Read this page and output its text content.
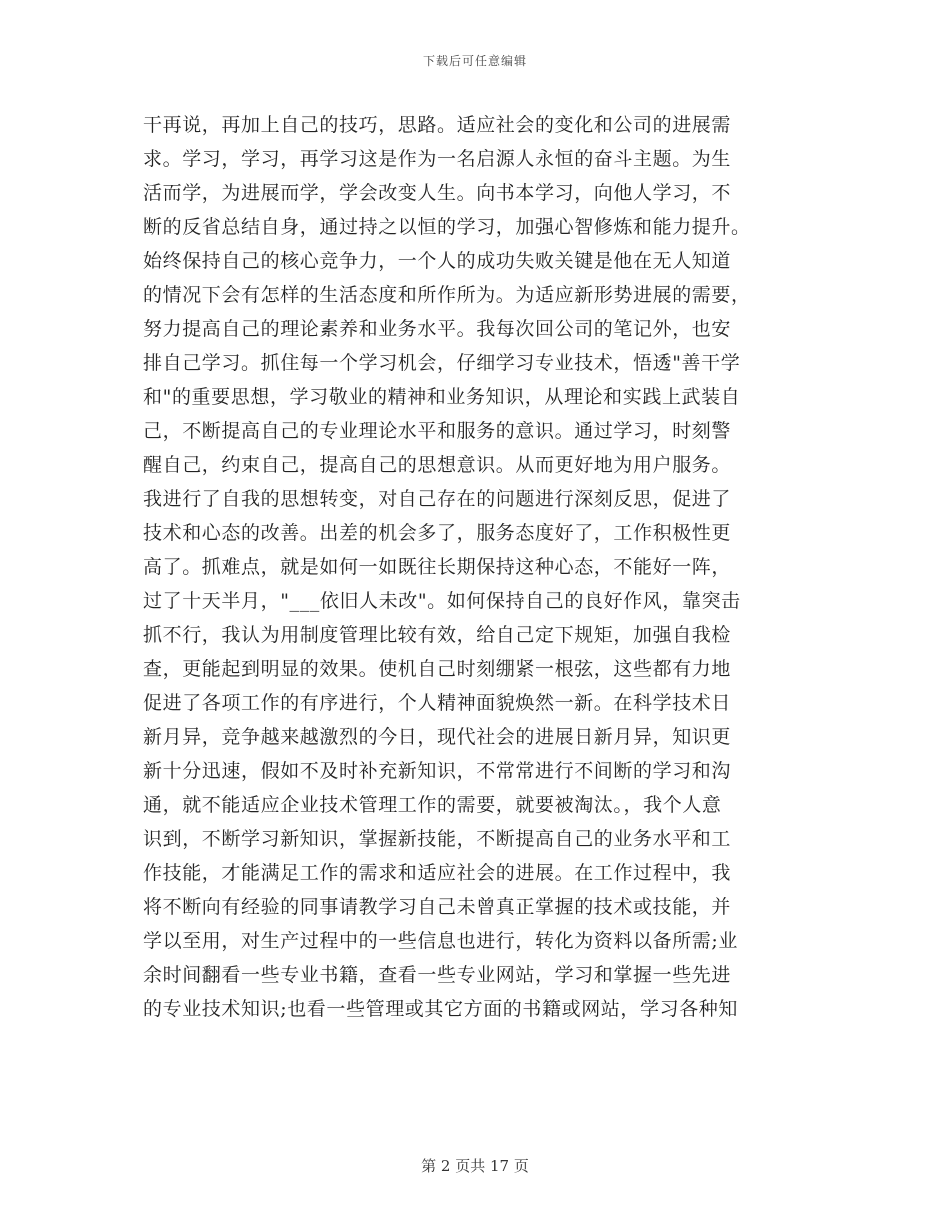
下载后可任意编辑
干再说，再加上自己的技巧，思路。适应社会的变化和公司的进展需
求。学习，学习，再学习这是作为一名启源人永恒的奋斗主题。为生
活而学，为进展而学，学会改变人生。向书本学习，向他人学习，不
断的反省总结自身，通过持之以恒的学习，加强心智修炼和能力提升。
始终保持自己的核心竞争力，一个人的成功失败关键是他在无人知道
的情况下会有怎样的生活态度和所作所为。为适应新形势进展的需要，
努力提高自己的理论素养和业务水平。我每次回公司的笔记外，也安
排自己学习。抓住每一个学习机会，仔细学习专业技术，悟透"善干学
和"的重要思想，学习敬业的精神和业务知识，从理论和实践上武装自
己，不断提高自己的专业理论水平和服务的意识。通过学习，时刻警
醒自己，约束自己，提高自己的思想意识。从而更好地为用户服务。
我进行了自我的思想转变，对自己存在的问题进行深刻反思，促进了
技术和心态的改善。出差的机会多了，服务态度好了，工作积极性更
高了。抓难点，就是如何一如既往长期保持这种心态，不能好一阵，
过了十天半月，"___依旧人未改"。如何保持自己的良好作风，靠突击
抓不行，我认为用制度管理比较有效，给自己定下规矩，加强自我检
查，更能起到明显的效果。使机自己时刻绷紧一根弦，这些都有力地
促进了各项工作的有序进行，个人精神面貌焕然一新。在科学技术日
新月异，竞争越来越激烈的今日，现代社会的进展日新月异，知识更
新十分迅速，假如不及时补充新知识，不常常进行不间断的学习和沟
通，就不能适应企业技术管理工作的需要，就要被淘汰。，我个人意
识到，不断学习新知识，掌握新技能，不断提高自己的业务水平和工
作技能，才能满足工作的需求和适应社会的进展。在工作过程中，我
将不断向有经验的同事请教学习自己未曾真正掌握的技术或技能，并
学以至用，对生产过程中的一些信息也进行，转化为资料以备所需;业
余时间翻看一些专业书籍，查看一些专业网站，学习和掌握一些先进
的专业技术知识;也看一些管理或其它方面的书籍或网站，学习各种知
第 2 页共 17 页
